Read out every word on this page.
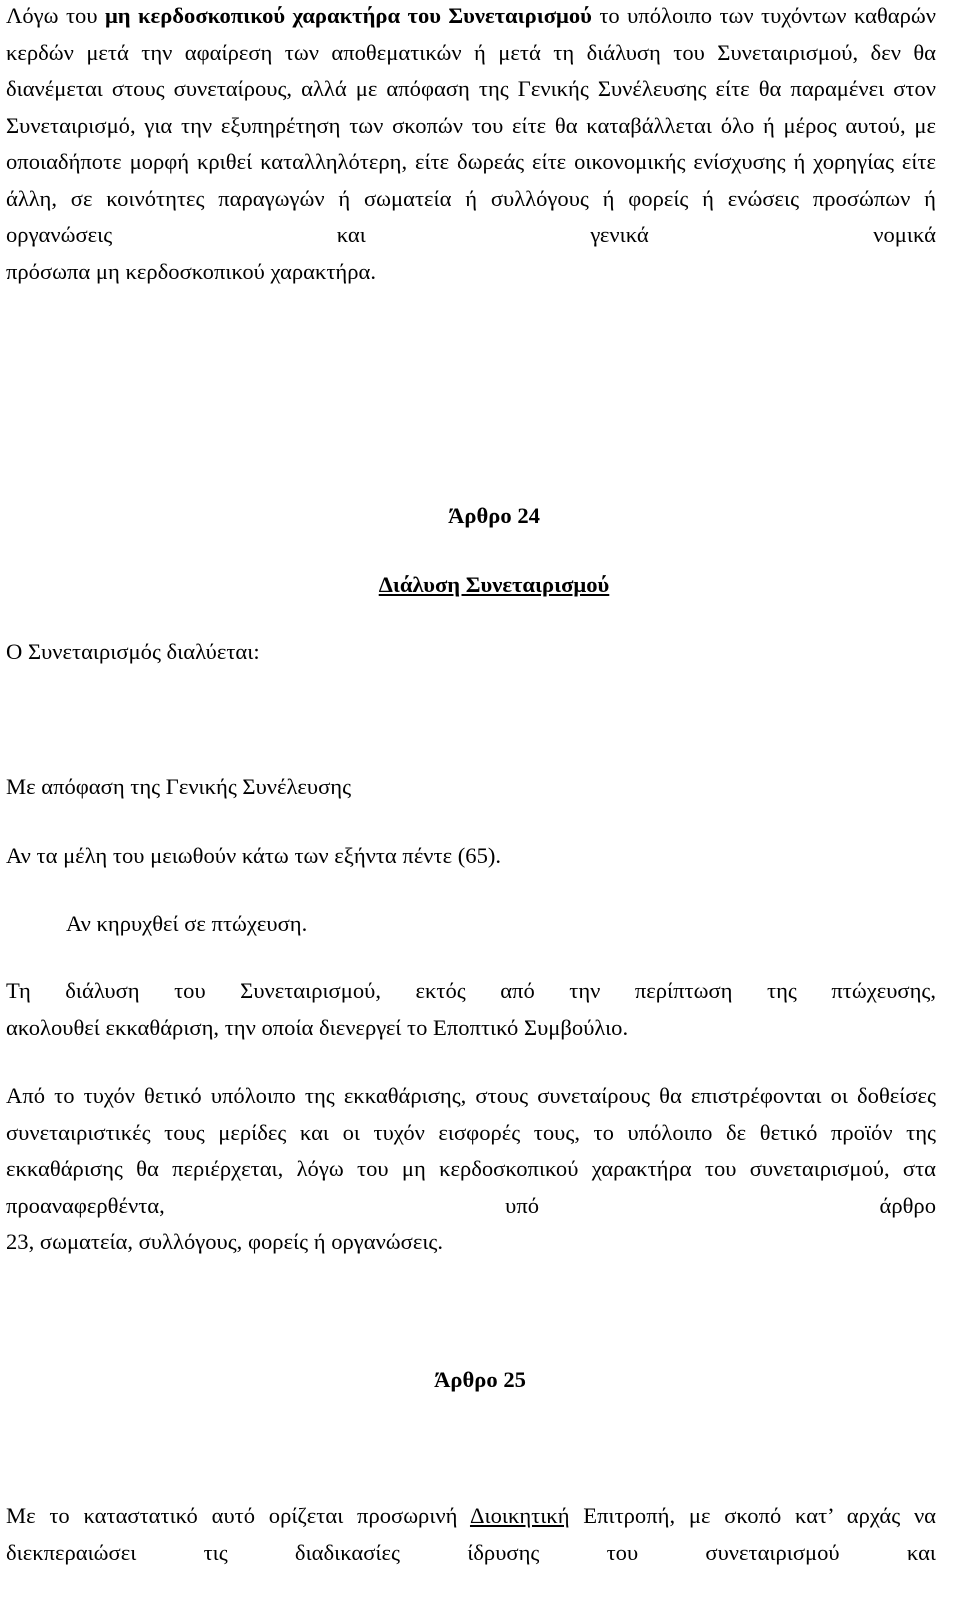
Λόγω του μη κερδοσκοπικού χαρακτήρα του Συνεταιρισμού το υπόλοιπο των τυχόντων καθαρών κερδών μετά την αφαίρεση των αποθεματικών ή μετά τη διάλυση του Συνεταιρισμού, δεν θα διανέμεται στους συνεταίρους, αλλά με απόφαση της Γενικής Συνέλευσης είτε θα παραμένει στον Συνεταιρισμό, για την εξυπηρέτηση των σκοπών του είτε θα καταβάλλεται όλο ή μέρος αυτού, με οποιαδήποτε μορφή κριθεί καταλληλότερη, είτε δωρεάς είτε οικονομικής ενίσχυσης ή χορηγίας είτε άλλη, σε κοινότητες παραγωγών ή σωματεία ή συλλόγους ή φορείς ή ενώσεις προσώπων ή οργανώσεις και γενικά νομικά
πρόσωπα μη κερδοσκοπικού χαρακτήρα.

Άρθρο 24

Διάλυση Συνεταιρισμού

Ο Συνεταιρισμός διαλύεται:

Με απόφαση της Γενικής Συνέλευσης

Αν τα μέλη του μειωθούν κάτω των εξήντα πέντε (65).

Αν κηρυχθεί σε πτώχευση.

Τη διάλυση του Συνεταιρισμού, εκτός από την περίπτωση της πτώχευσης,
ακολουθεί εκκαθάριση, την οποία διενεργεί το Εποπτικό Συμβούλιο.

Από το τυχόν θετικό υπόλοιπο της εκκαθάρισης, στους συνεταίρους θα επιστρέφονται οι δοθείσες συνεταιριστικές τους μερίδες και οι τυχόν εισφορές τους, το υπόλοιπο δε θετικό προϊόν της εκκαθάρισης θα περιέρχεται, λόγω του μη κερδοσκοπικού χαρακτήρα του συνεταιρισμού, στα προαναφερθέντα, υπό άρθρο
23, σωματεία, συλλόγους, φορείς ή οργανώσεις.

Άρθρο 25

Με το καταστατικό αυτό ορίζεται προσωρινή Διοικητική Επιτροπή, με σκοπό κατ’ αρχάς να διεκπεραιώσει τις διαδικασίες ίδρυσης του συνεταιρισμού και
